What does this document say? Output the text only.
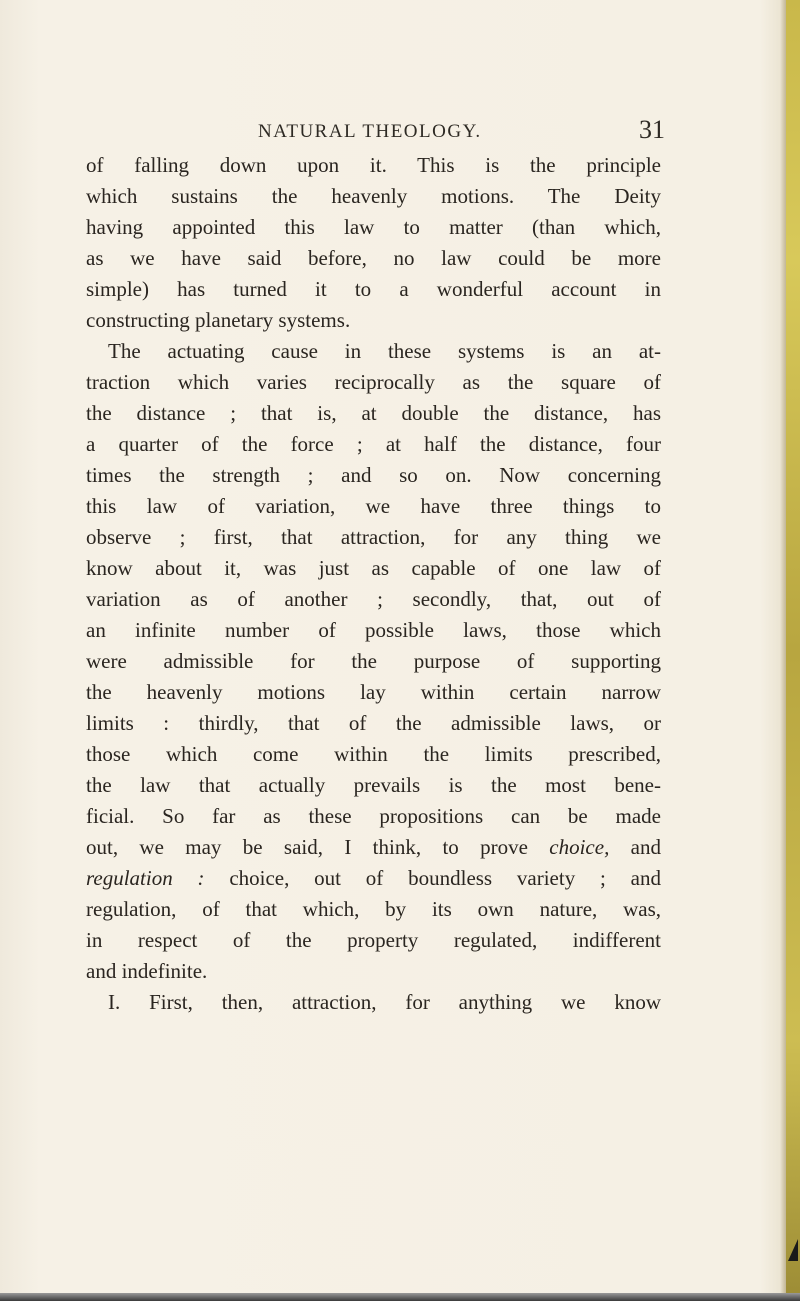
NATURAL THEOLOGY.	31
of falling down upon it. This is the principle
which sustains the heavenly motions. The Deity
having appointed this law to matter (than which,
as we have said before, no law could be more
simple) has turned it to a wonderful account in
constructing planetary systems.
The actuating cause in these systems is an at-
traction which varies reciprocally as the square of
the distance ; that is, at double the distance, has
a quarter of the force ; at half the distance, four
times the strength ; and so on. Now concerning
this law of variation, we have three things to
observe ; first, that attraction, for any thing we
know about it, was just as capable of one law of
variation as of another ; secondly, that, out of
an infinite number of possible laws, those which
were admissible for the purpose of supporting
the heavenly motions lay within certain narrow
limits : thirdly, that of the admissible laws, or
those which come within the limits prescribed,
the law that actually prevails is the most bene-
ficial. So far as these propositions can be made
out, we may be said, I think, to prove choice, and
regulation : choice, out of boundless variety ; and
regulation, of that which, by its own nature, was,
in respect of the property regulated, indifferent
and indefinite.
I. First, then, attraction, for anything we know
